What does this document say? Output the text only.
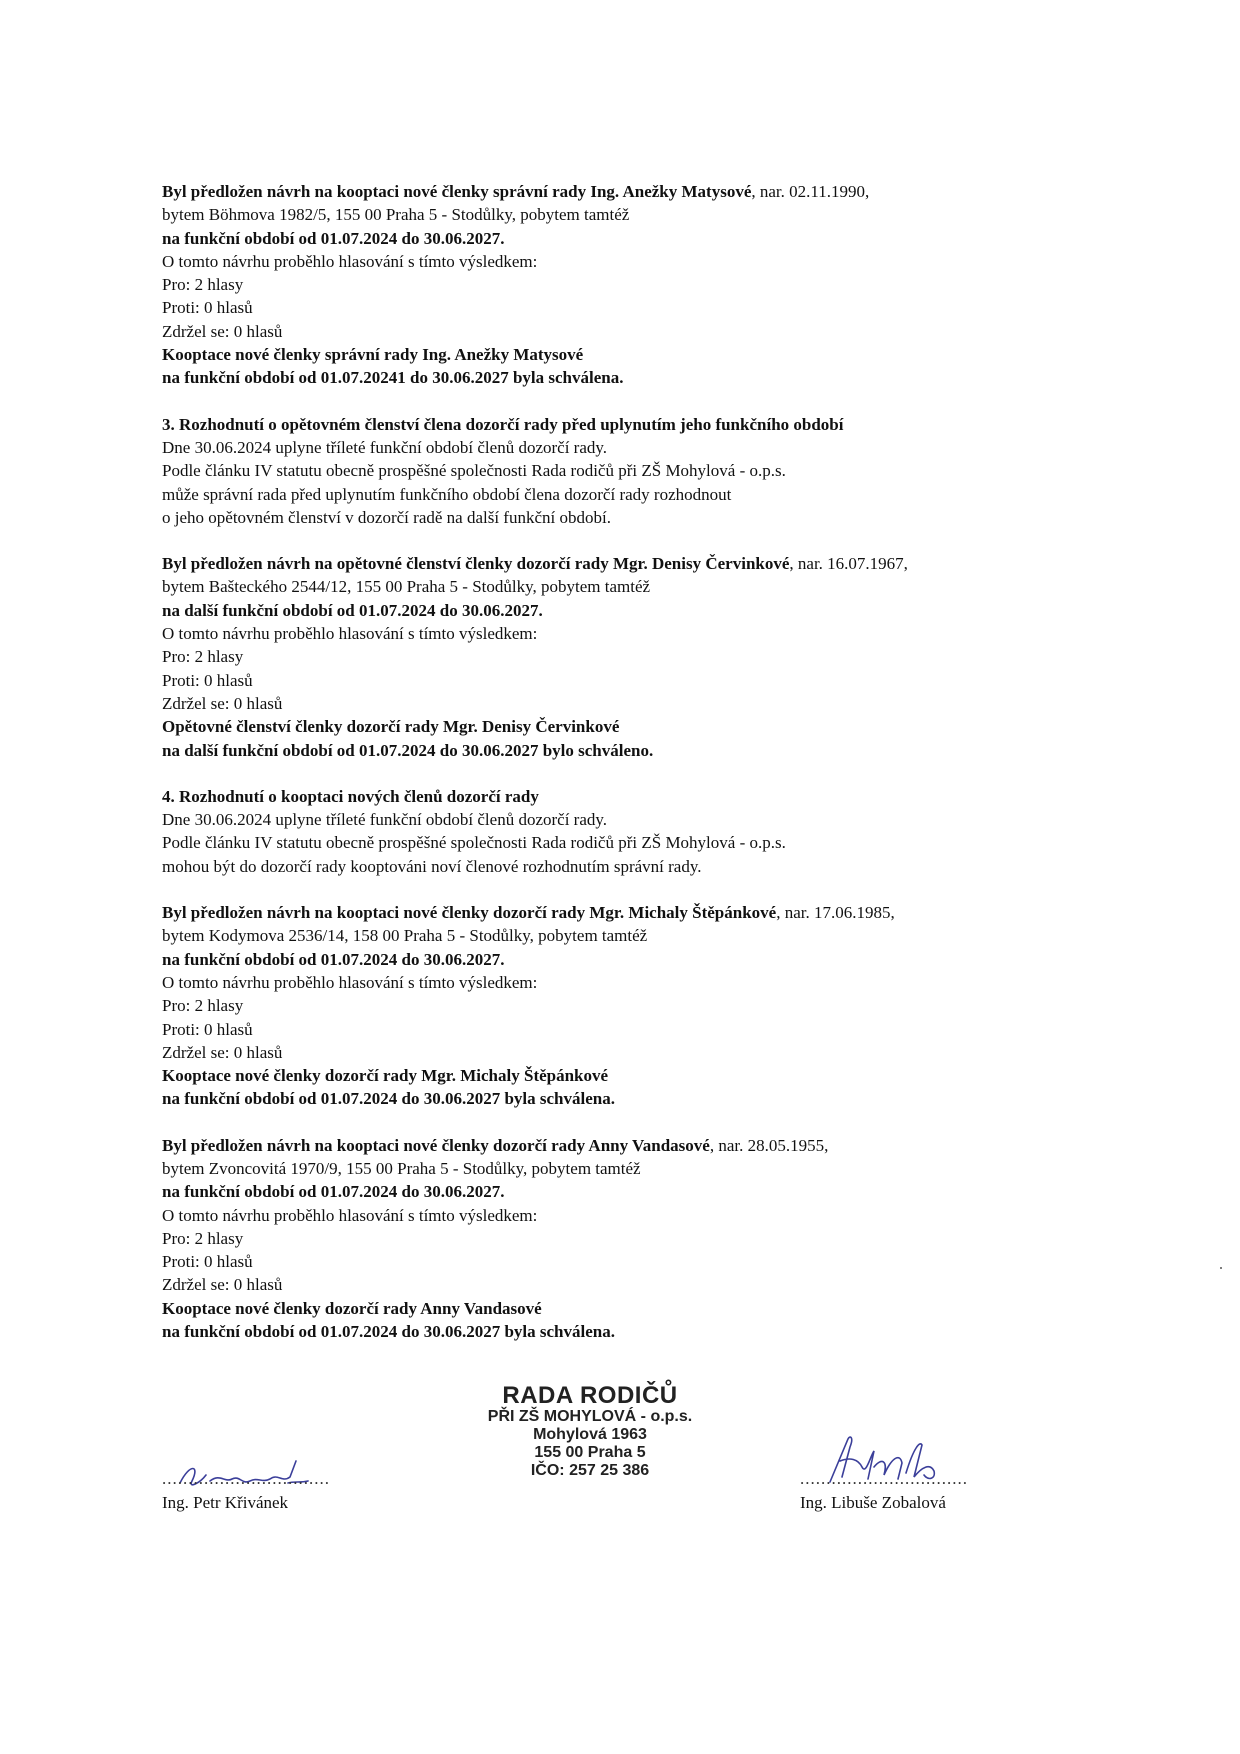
Byl předložen návrh na kooptaci nové členky správní rady Ing. Anežky Matysové, nar. 02.11.1990,

bytem Böhmova 1982/5, 155 00 Praha 5 - Stodůlky, pobytem tamtéž

na funkční období od 01.07.2024 do 30.06.2027.

O tomto návrhu proběhlo hlasování s tímto výsledkem:

Pro: 2 hlasy

Proti: 0 hlasů

Zdržel se: 0 hlasů

Kooptace nové členky správní rady Ing. Anežky Matysové

na funkční období od 01.07.20241 do 30.06.2027 byla schválena.

3. Rozhodnutí o opětovném členství člena dozorčí rady před uplynutím jeho funkčního období

Dne 30.06.2024 uplyne tříleté funkční období členů dozorčí rady.

Podle článku IV statutu obecně prospěšné společnosti Rada rodičů při ZŠ Mohylová - o.p.s.

může správní rada před uplynutím funkčního období člena dozorčí rady rozhodnout

o jeho opětovném členství v dozorčí radě na další funkční období.

Byl předložen návrh na opětovné členství členky dozorčí rady Mgr. Denisy Červinkové, nar. 16.07.1967,

bytem Bašteckého 2544/12, 155 00 Praha 5 - Stodůlky, pobytem tamtéž

na další funkční období od 01.07.2024 do 30.06.2027.

O tomto návrhu proběhlo hlasování s tímto výsledkem:

Pro: 2 hlasy

Proti: 0 hlasů

Zdržel se: 0 hlasů

Opětovné členství členky dozorčí rady Mgr. Denisy Červinkové

na další funkční období od 01.07.2024 do 30.06.2027 bylo schváleno.

4. Rozhodnutí o kooptaci nových členů dozorčí rady

Dne 30.06.2024 uplyne tříleté funkční období členů dozorčí rady.

Podle článku IV statutu obecně prospěšné společnosti Rada rodičů při ZŠ Mohylová - o.p.s.

mohou být do dozorčí rady kooptováni noví členové rozhodnutím správní rady.

Byl předložen návrh na kooptaci nové členky dozorčí rady Mgr. Michaly Štěpánkové, nar. 17.06.1985,

bytem Kodymova 2536/14, 158 00 Praha 5 - Stodůlky, pobytem tamtéž

na funkční období od 01.07.2024 do 30.06.2027.

O tomto návrhu proběhlo hlasování s tímto výsledkem:

Pro: 2 hlasy

Proti: 0 hlasů

Zdržel se: 0 hlasů

Kooptace nové členky dozorčí rady Mgr. Michaly Štěpánkové

na funkční období od 01.07.2024 do 30.06.2027 byla schválena.

Byl předložen návrh na kooptaci nové členky dozorčí rady Anny Vandasové, nar. 28.05.1955,

bytem Zvoncovitá 1970/9, 155 00 Praha 5 - Stodůlky, pobytem tamtéž

na funkční období od 01.07.2024 do 30.06.2027.

O tomto návrhu proběhlo hlasování s tímto výsledkem:

Pro: 2 hlasy

Proti: 0 hlasů

Zdržel se: 0 hlasů

Kooptace nové členky dozorčí rady Anny Vandasové

na funkční období od 01.07.2024 do 30.06.2027 byla schválena.

RADA RODIČŮ
PŘI ZŠ MOHYLOVÁ - o.p.s.
Mohylová 1963
155 00 Praha 5
IČO: 257 25 386
................................
Ing. Petr Křivánek
................................
Ing. Libuše Zobalová
